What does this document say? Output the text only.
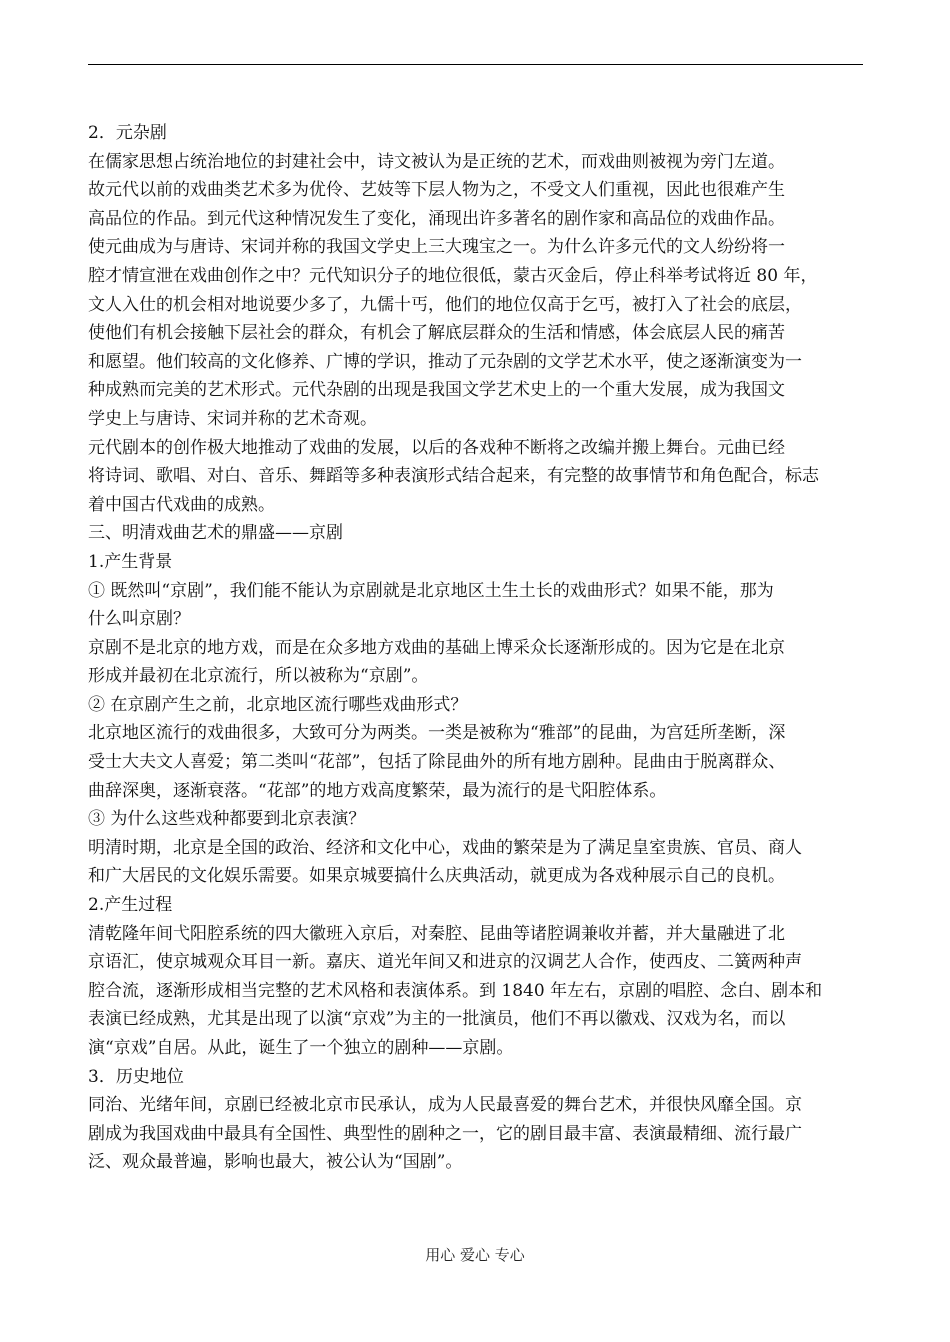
2．元杂剧
在儒家思想占统治地位的封建社会中，诗文被认为是正统的艺术，而戏曲则被视为旁门左道。
故元代以前的戏曲类艺术多为优伶、艺妓等下层人物为之，不受文人们重视，因此也很难产生
高品位的作品。到元代这种情况发生了变化，涌现出许多著名的剧作家和高品位的戏曲作品。
使元曲成为与唐诗、宋词并称的我国文学史上三大瑰宝之一。为什么许多元代的文人纷纷将一
腔才情宣泄在戏曲创作之中？元代知识分子的地位很低，蒙古灭金后，停止科举考试将近 80 年，
文人入仕的机会相对地说要少多了，九儒十丐，他们的地位仅高于乞丐，被打入了社会的底层，
使他们有机会接触下层社会的群众，有机会了解底层群众的生活和情感，体会底层人民的痛苦
和愿望。他们较高的文化修养、广博的学识，推动了元杂剧的文学艺术水平，使之逐渐演变为一
种成熟而完美的艺术形式。元代杂剧的出现是我国文学艺术史上的一个重大发展，成为我国文
学史上与唐诗、宋词并称的艺术奇观。
元代剧本的创作极大地推动了戏曲的发展，以后的各戏种不断将之改编并搬上舞台。元曲已经
将诗词、歌唱、对白、音乐、舞蹈等多种表演形式结合起来，有完整的故事情节和角色配合，标志
着中国古代戏曲的成熟。
三、明清戏曲艺术的鼎盛——京剧
1.产生背景
① 既然叫“京剧”，我们能不能认为京剧就是北京地区土生土长的戏曲形式？如果不能，那为
什么叫京剧？
京剧不是北京的地方戏，而是在众多地方戏曲的基础上博采众长逐渐形成的。因为它是在北京
形成并最初在北京流行，所以被称为“京剧”。
② 在京剧产生之前，北京地区流行哪些戏曲形式？
北京地区流行的戏曲很多，大致可分为两类。一类是被称为“雅部”的昆曲，为宫廷所垄断，深
受士大夫文人喜爱；第二类叫“花部”，包括了除昆曲外的所有地方剧种。昆曲由于脱离群众、
曲辞深奥，逐渐衰落。“花部”的地方戏高度繁荣，最为流行的是弋阳腔体系。
③ 为什么这些戏种都要到北京表演？
明清时期，北京是全国的政治、经济和文化中心，戏曲的繁荣是为了满足皇室贵族、官员、商人
和广大居民的文化娱乐需要。如果京城要搞什么庆典活动，就更成为各戏种展示自己的良机。
2.产生过程
清乾隆年间弋阳腔系统的四大徽班入京后，对秦腔、昆曲等诸腔调兼收并蓄，并大量融进了北
京语汇，使京城观众耳目一新。嘉庆、道光年间又和进京的汉调艺人合作，使西皮、二簧两种声
腔合流，逐渐形成相当完整的艺术风格和表演体系。到 1840 年左右，京剧的唱腔、念白、剧本和
表演已经成熟，尤其是出现了以演“京戏”为主的一批演员，他们不再以徽戏、汉戏为名，而以
演“京戏”自居。从此，诞生了一个独立的剧种——京剧。
3．历史地位
同治、光绪年间，京剧已经被北京市民承认，成为人民最喜爱的舞台艺术，并很快风靡全国。京
剧成为我国戏曲中最具有全国性、典型性的剧种之一，它的剧目最丰富、表演最精细、流行最广
泛、观众最普遍，影响也最大，被公认为“国剧”。
用心 爱心 专心
